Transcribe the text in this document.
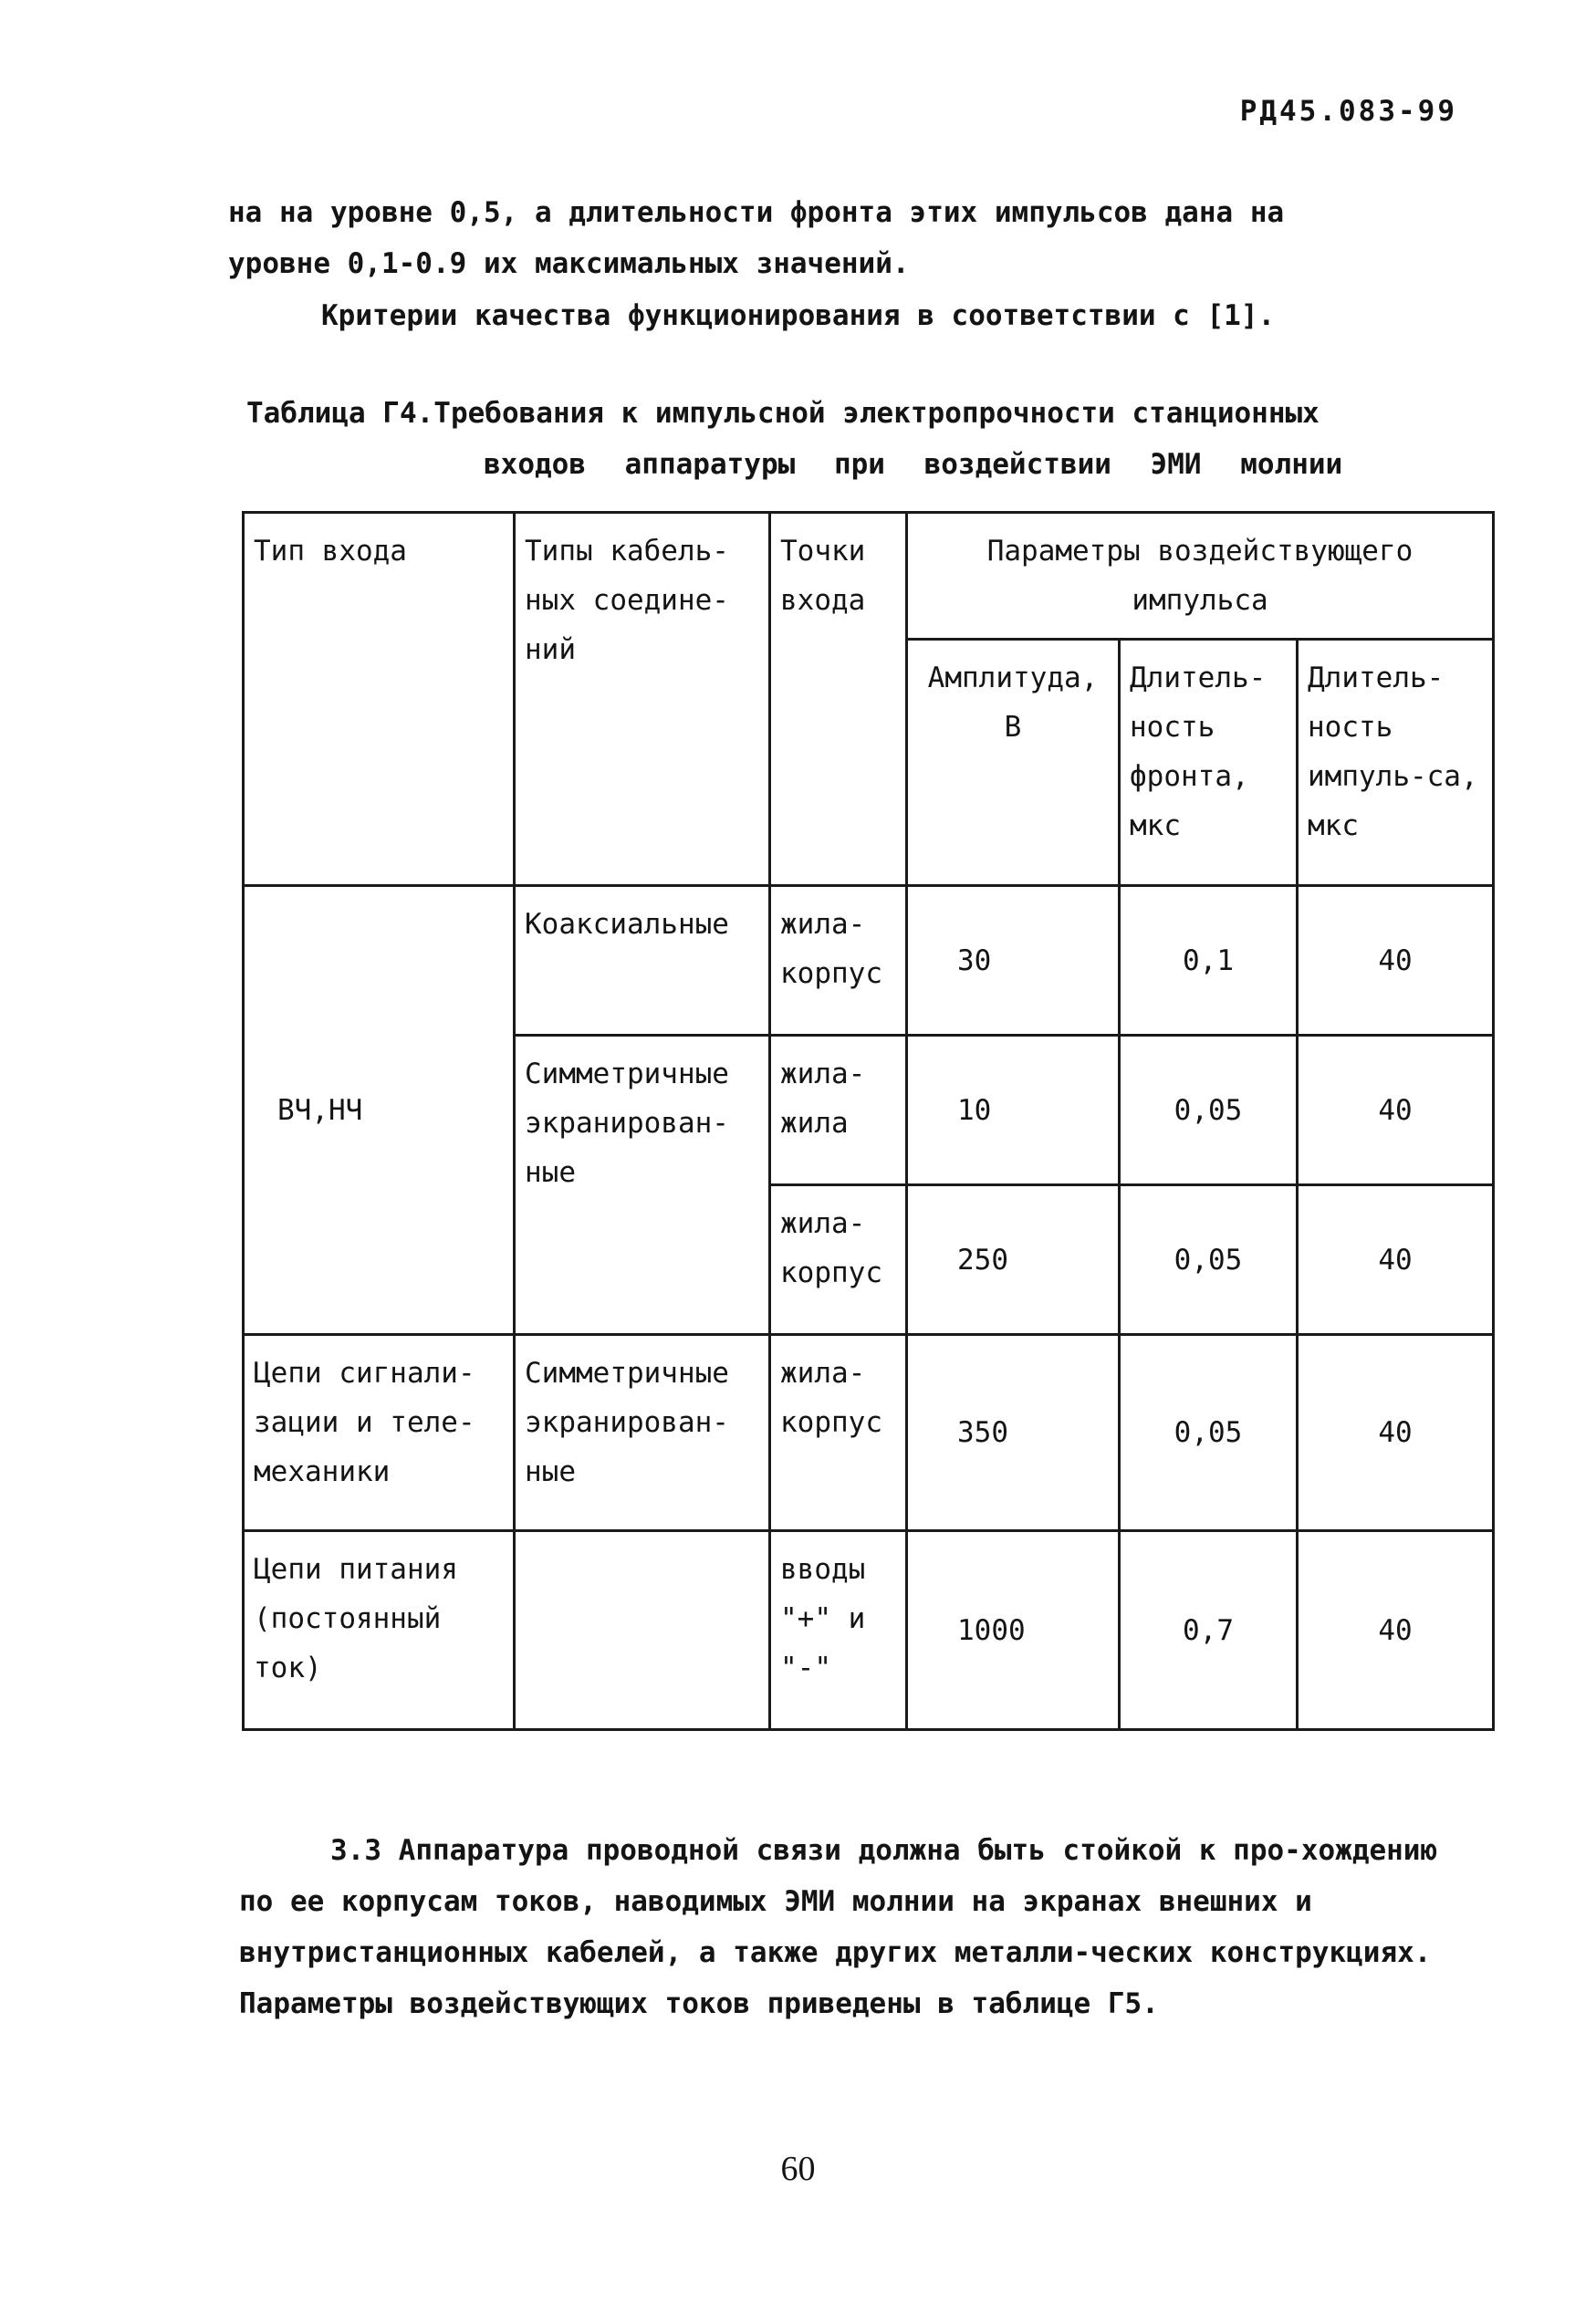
РД45.083-99

на на уровне 0,5, а длительности фронта этих импульсов дана на
уровне 0,1-0.9 их максимальных значений.

Критерии качества функционирования в соответствии с [1].

Таблица Г4.Требования к импульсной электропрочности станционных
входов аппаратуры при воздействии ЭМИ молнии

Тип входа	Типы кабель-ных соедине-ний	Точки входа	Параметры воздействующего импульса		
			Амплитуда, В	Длитель-ность фронта, мкс	Длитель-ность импуль-са, мкс
ВЧ,НЧ	Коаксиальные	жила-корпус	30	0,1	40
	Симметричные экранирован-ные	жила-жила	10	0,05	40
		жила-корпус	250	0,05	40
Цепи сигнали-зации и теле-механики	Симметричные экранирован-ные	жила-корпус	350	0,05	40
Цепи питания (постоянный ток)		вводы "+" и "-"	1000	0,7	40

3.3 Аппаратура проводной связи должна быть стойкой к про-хождению по ее корпусам токов, наводимых ЭМИ молнии на экранах внешних и внутристанционных кабелей, а также других металли-ческих конструкциях. Параметры воздействующих токов приведены в таблице Г5.

60
